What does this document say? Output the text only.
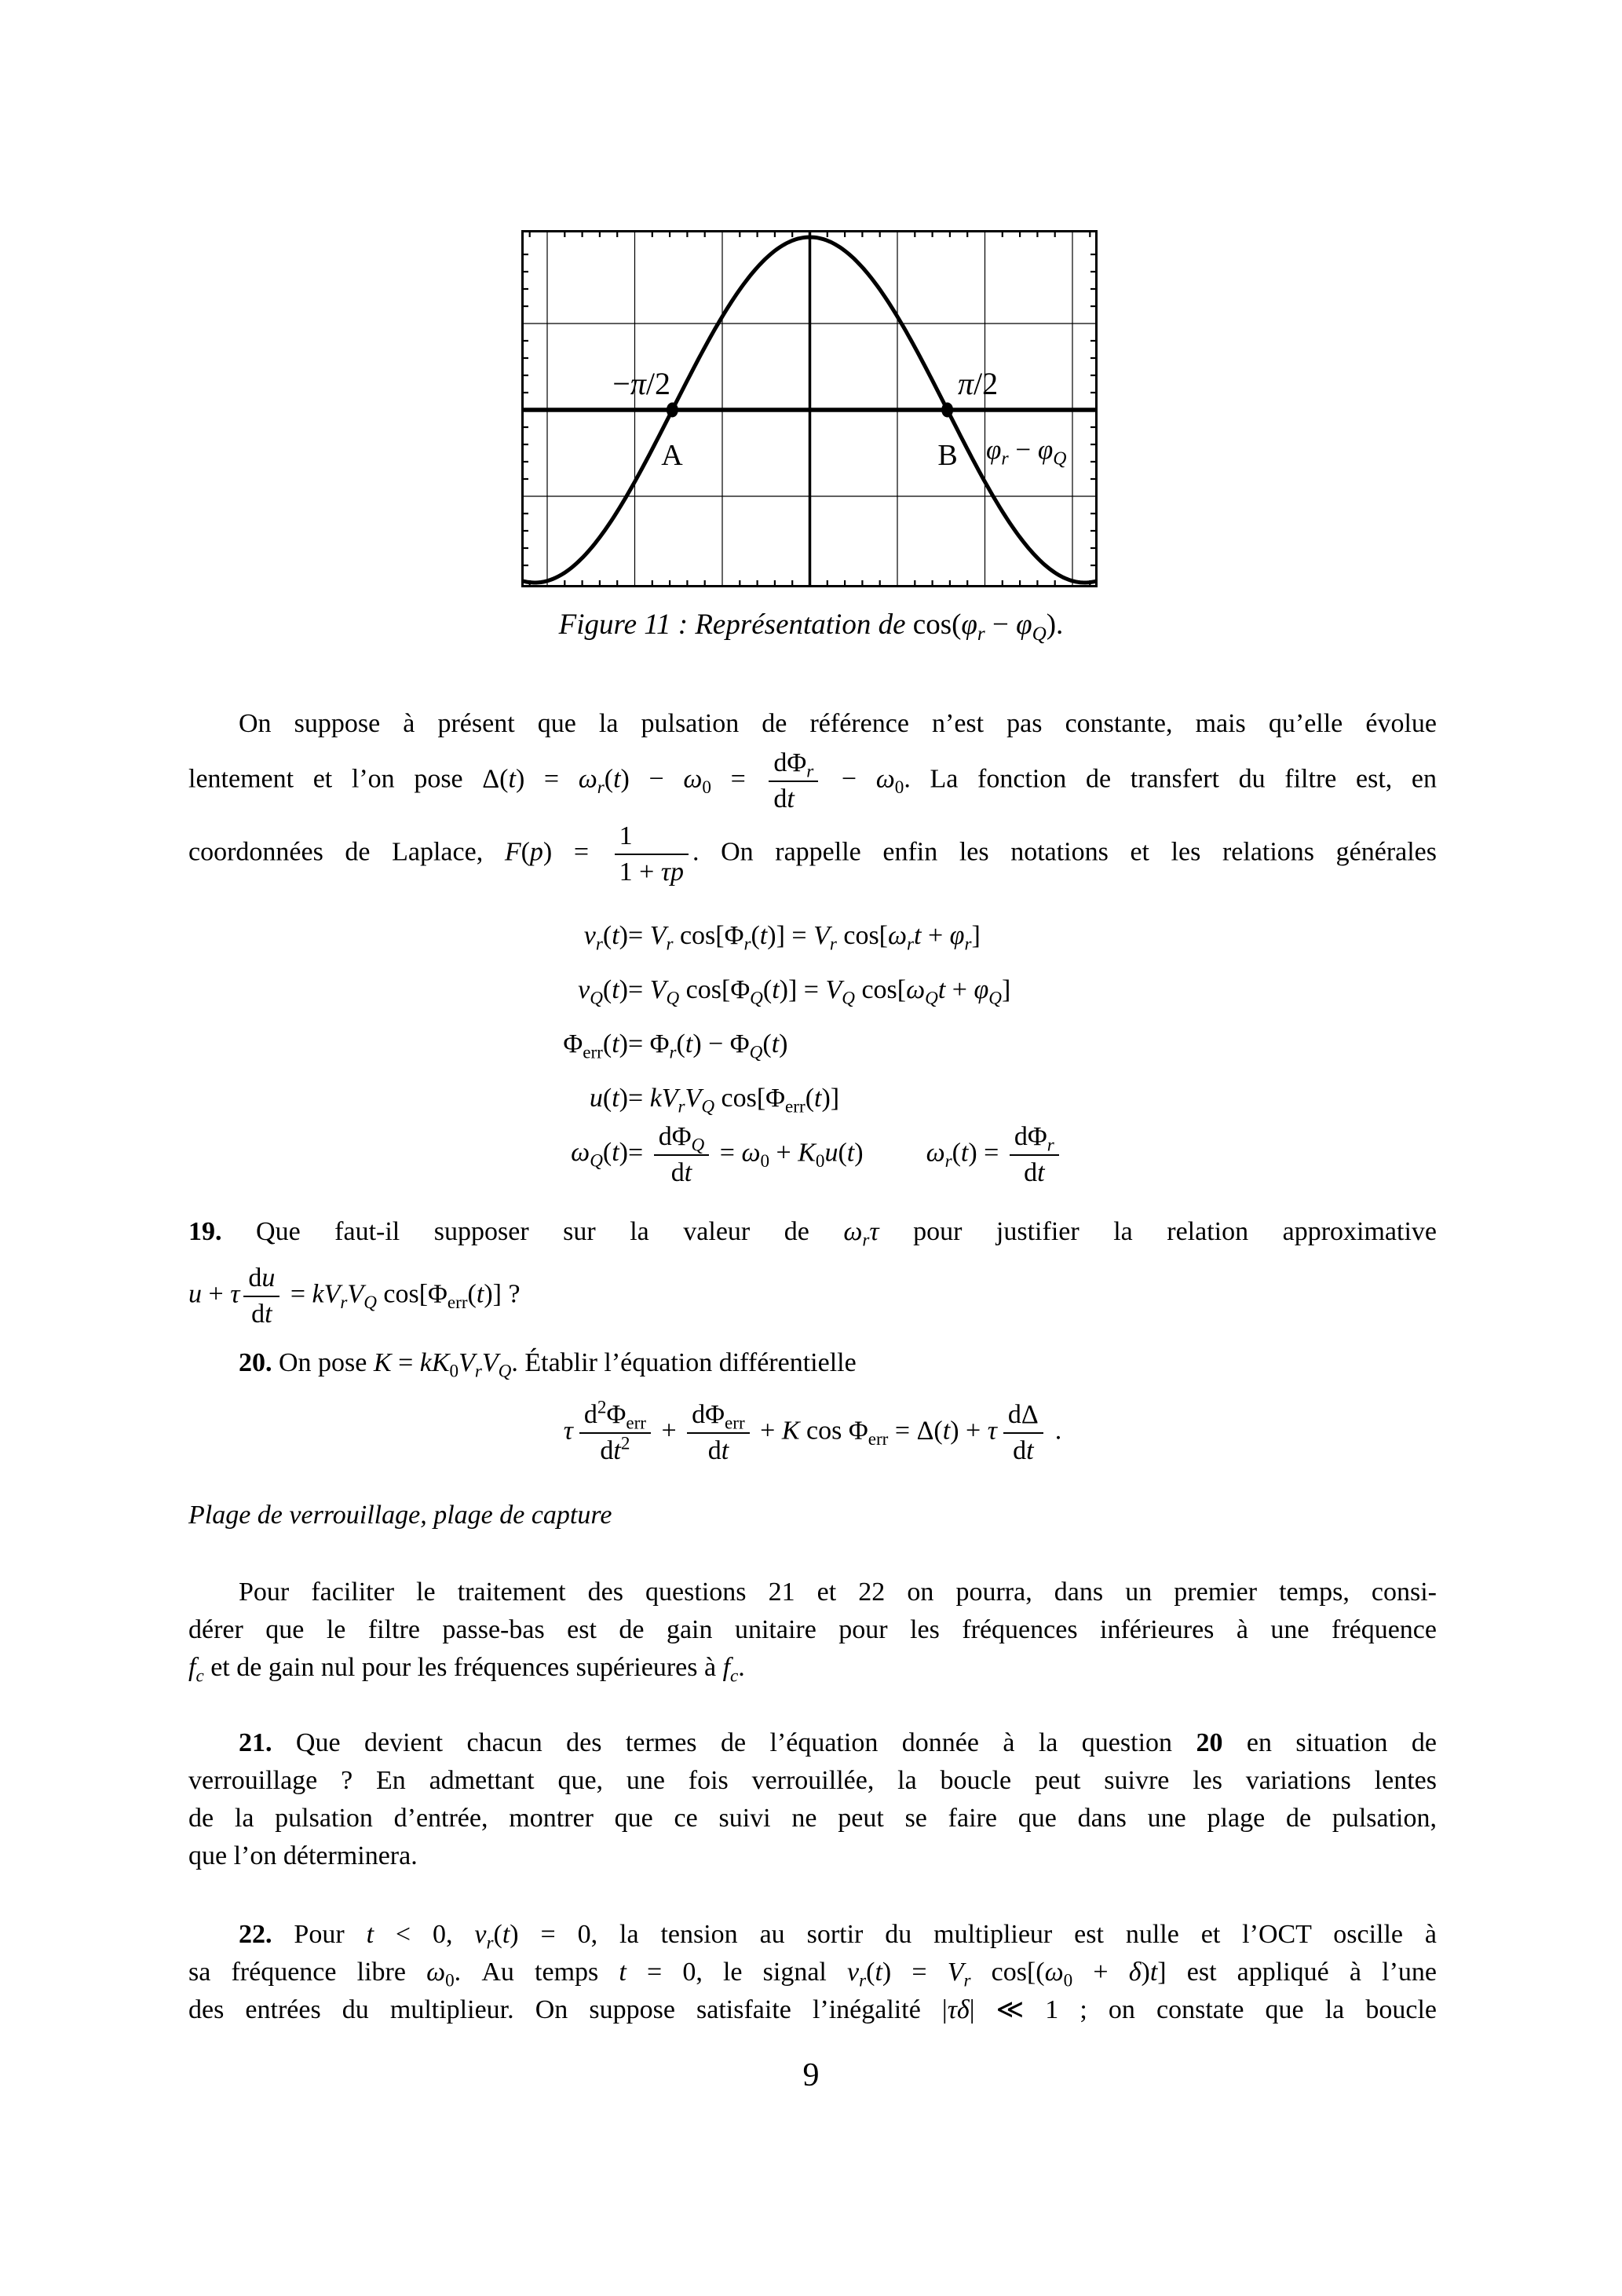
−π/2	π/2
A	B	$\varphi_r - \varphi_Q$
Figure 11 : Représentation de $\cos(\varphi_r - \varphi_Q)$.
On suppose à présent que la pulsation de référence n’est pas constante, mais qu’elle évolue
lentement et l’on pose $\Delta(t) = \omega_r(t) - \omega_0 = \frac{d\Phi_r}{dt} - \omega_0$. La fonction de transfert du filtre est, en
coordonnées de Laplace, $F(p) = \frac{1}{1 + \tau p}$ . On rappelle enfin les notations et les relations générales
$v_r(t) = V_r$ $\cos[\Phi_r(t)] = V_r$ $\cos[\omega_rt + \varphi_r]$
$v_Q(t) = V_Q$ $\cos[\Phi_Q(t)] = V_Q$ $\cos[\omega_Qt + \varphi_Q]$
$\Phi_{err}(t) = \Phi_r(t) - \Phi_Q(t)$
$u(t) = kV_rV_Q$ $\cos[\Phi_{err}(t)]$
$\omega_Q(t) = \frac{d\Phi_Q}{dt} = \omega_0 + K_0u(t) \omega_r(t) = \frac{d\Phi_r}{dt}$
19. Que faut-il supposer sur la valeur de $\omega_r\tau$ pour justifier la relation approximative
u + τ $\frac{du}{dt} = kV_rV_Q$ $\cos[\Phi_{err}(t)]$ ?
20. On pose $K = kK_0V_rV_Q$. Établir l’équation différentielle
τ $\frac{d^2\Phi_{err}}{dt^2} + \frac{d\Phi_{err}}{dt} + K$ $\cos \Phi_{err} = \Delta(t) + \tau \frac{d\Delta}{dt}$ .
Plage de verrouillage, plage de capture
Pour faciliter le traitement des questions 21 et 22 on pourra, dans un premier temps, consi-
dérer que le filtre passe-bas est de gain unitaire pour les fréquences inférieures à une fréquence
$f_c$ et de gain nul pour les fréquences supérieures à $f_c$.
21. Que devient chacun des termes de l’équation donnée à la question 20 en situation de
verrouillage ? En admettant que, une fois verrouillée, la boucle peut suivre les variations lentes
de la pulsation d’entrée, montrer que ce suivi ne peut se faire que dans une plage de pulsation,
que l’on déterminera.
22. Pour t < 0, $v_r(t) = 0$, la tension au sortir du multiplieur est nulle et l’OCT oscille à
sa fréquence libre $\omega_0$. Au temps t = 0, le signal $v_r(t) = V_r$ $\cos[(\omega_0 + \delta)t]$ est appliqué à l’une
des entrées du multiplieur. On suppose satisfaite l’inégalité |τδ| ≪ 1 ; on constate que la boucle
9
